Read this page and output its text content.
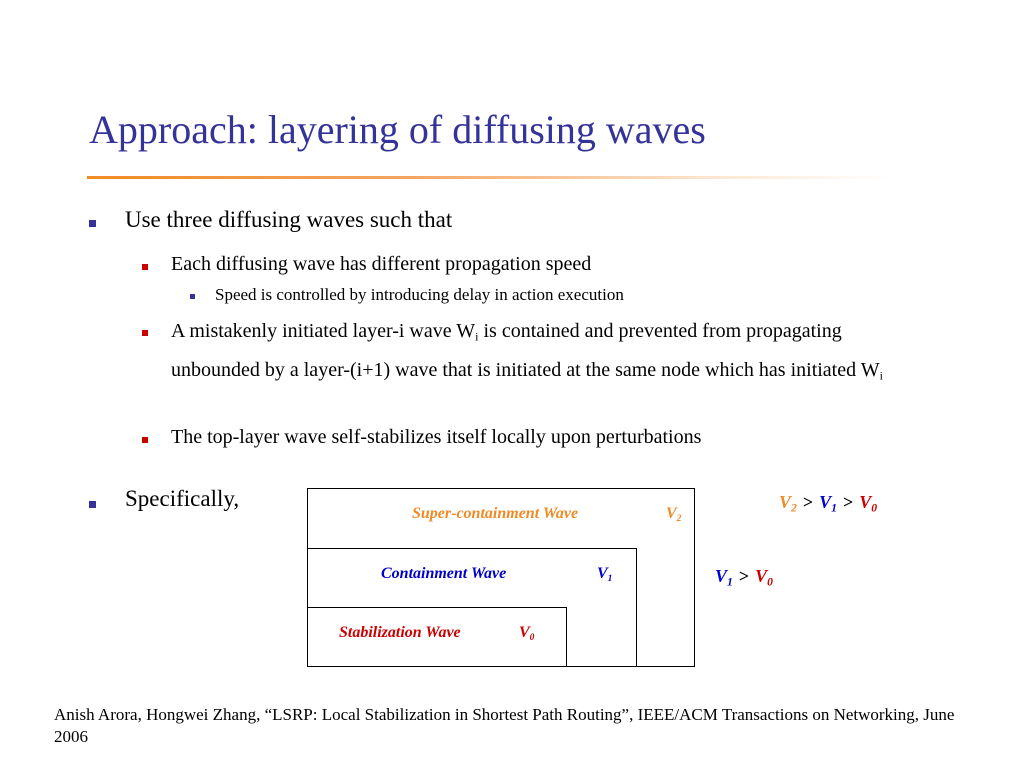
Approach: layering of diffusing waves
Use three diffusing waves such that
Each diffusing wave has different propagation speed
Speed is controlled by introducing delay in action execution
A mistakenly initiated layer-i wave $W_i$ is contained and prevented from propagating unbounded by a layer-(i+1) wave that is initiated at the same node which has initiated $W_i$
The top-layer wave self-stabilizes itself locally upon perturbations
Specifically,
Super-containment Wave	$V_2$
Containment Wave	$V_1$
Stabilization Wave	$V_0$
$V_2 > V_1 > V_0$
$V_1 > V_0$
Anish Arora, Hongwei Zhang, “LSRP: Local Stabilization in Shortest Path Routing”, IEEE/ACM Transactions on Networking, June 2006
